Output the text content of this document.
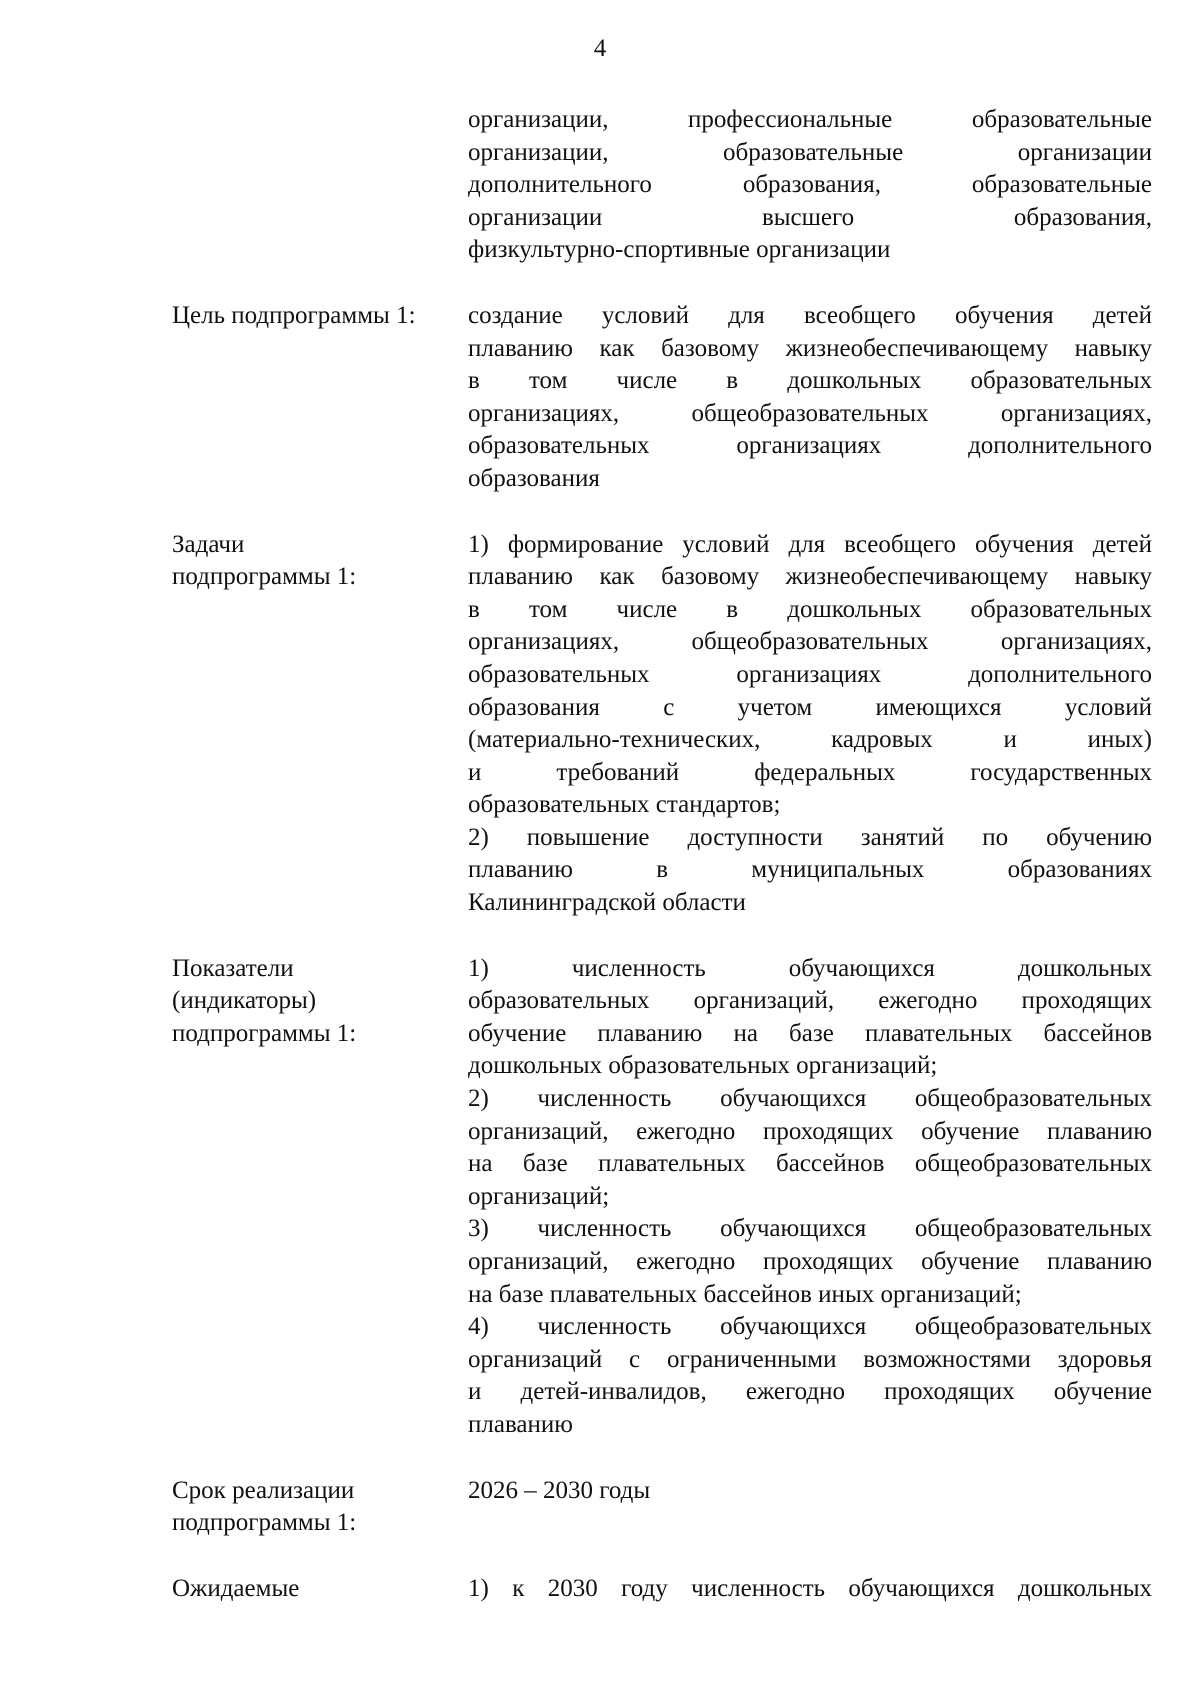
4
организации, профессиональные образовательные
организации, образовательные организации
дополнительного образования, образовательные
организации высшего образования,
физкультурно-спортивные организации
Цель подпрограммы 1:	создание условий для всеобщего обучения детей
плаванию как базовому жизнеобеспечивающему навыку
в том числе в дошкольных образовательных
организациях, общеобразовательных организациях,
образовательных организациях дополнительного
образования
Задачи
подпрограммы 1:
1) формирование условий для всеобщего обучения детей
плаванию как базовому жизнеобеспечивающему навыку
в том числе в дошкольных образовательных
организациях, общеобразовательных организациях,
образовательных организациях дополнительного
образования с учетом имеющихся условий
(материально-технических, кадровых и иных)
и требований федеральных государственных
образовательных стандартов;
2) повышение доступности занятий по обучению
плаванию в муниципальных образованиях
Калининградской области
Показатели
(индикаторы)
подпрограммы 1:
1) численность обучающихся дошкольных
образовательных организаций, ежегодно проходящих
обучение плаванию на базе плавательных бассейнов
дошкольных образовательных организаций;
2) численность обучающихся общеобразовательных
организаций, ежегодно проходящих обучение плаванию
на базе плавательных бассейнов общеобразовательных
организаций;
3) численность обучающихся общеобразовательных
организаций, ежегодно проходящих обучение плаванию
на базе плавательных бассейнов иных организаций;
4) численность обучающихся общеобразовательных
организаций с ограниченными возможностями здоровья
и детей-инвалидов, ежегодно проходящих обучение
плаванию
Срок реализации
подпрограммы 1:
2026 – 2030 годы
Ожидаемые	1) к 2030 году численность обучающихся дошкольных
